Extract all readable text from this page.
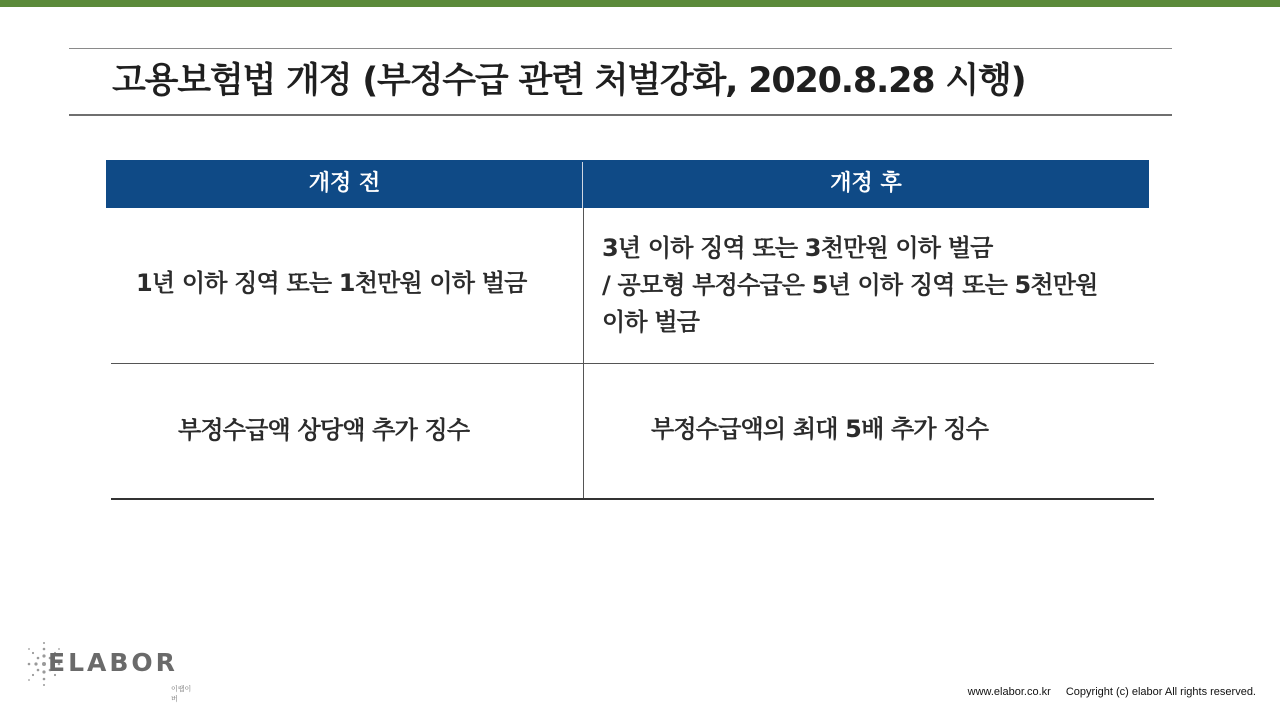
고용보험법 개정 (부정수급 관련 처벌강화, 2020.8.28 시행)
개정 전	개정 후
1년 이하 징역 또는 1천만원 이하 벌금
3년 이하 징역 또는 3천만원 이하 벌금
/ 공모형 부정수급은 5년 이하 징역 또는 5천만원
이하 벌금
부정수급액 상당액 추가 징수	부정수급액의 최대 5배 추가 징수
ELABOR
이랩이버
www.elabor.co.kr Copyright (c) elabor All rights reserved.
